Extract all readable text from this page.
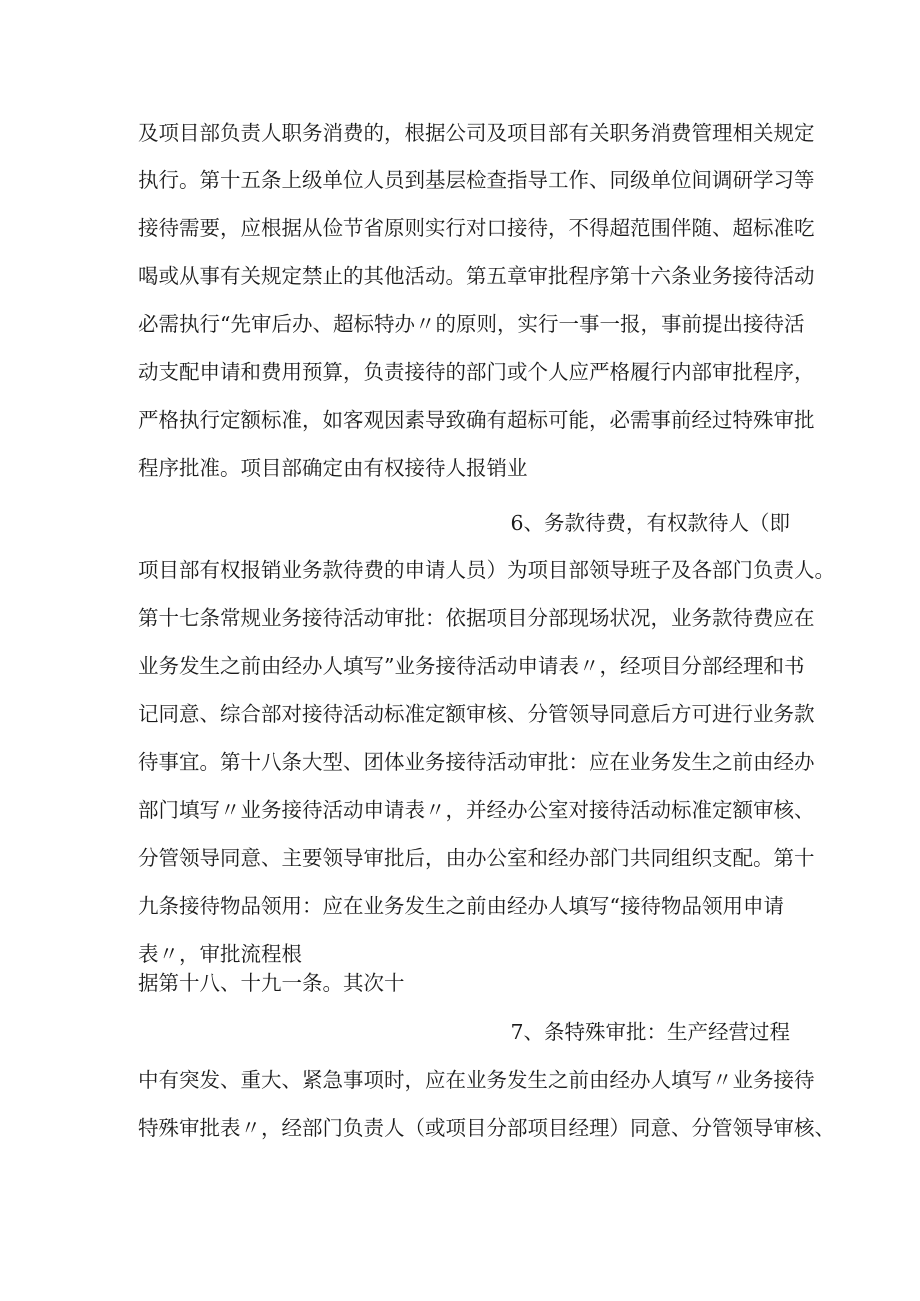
及项目部负责人职务消费的，根据公司及项目部有关职务消费管理相关规定
执行。第十五条上级单位人员到基层检查指导工作、同级单位间调研学习等
接待需要，应根据从俭节省原则实行对口接待，不得超范围伴随、超标准吃
喝或从事有关规定禁止的其他活动。第五章审批程序第十六条业务接待活动
必需执行“先审后办、超标特办〃的原则，实行一事一报，事前提出接待活
动支配申请和费用预算，负责接待的部门或个人应严格履行内部审批程序，
严格执行定额标准，如客观因素导致确有超标可能，必需事前经过特殊审批
程序批准。项目部确定由有权接待人报销业
6、务款待费，有权款待人（即
项目部有权报销业务款待费的申请人员）为项目部领导班子及各部门负责人。
第十七条常规业务接待活动审批：依据项目分部现场状况，业务款待费应在
业务发生之前由经办人填写”业务接待活动申请表〃，经项目分部经理和书
记同意、综合部对接待活动标准定额审核、分管领导同意后方可进行业务款
待事宜。第十八条大型、团体业务接待活动审批：应在业务发生之前由经办
部门填写〃业务接待活动申请表〃，并经办公室对接待活动标准定额审核、
分管领导同意、主要领导审批后，由办公室和经办部门共同组织支配。第十
九条接待物品领用：应在业务发生之前由经办人填写“接待物品领用申请
表〃，审批流程根
据第十八、十九一条。其次十
7、条特殊审批：生产经营过程
中有突发、重大、紧急事项时，应在业务发生之前由经办人填写〃业务接待
特殊审批表〃，经部门负责人（或项目分部项目经理）同意、分管领导审核、
